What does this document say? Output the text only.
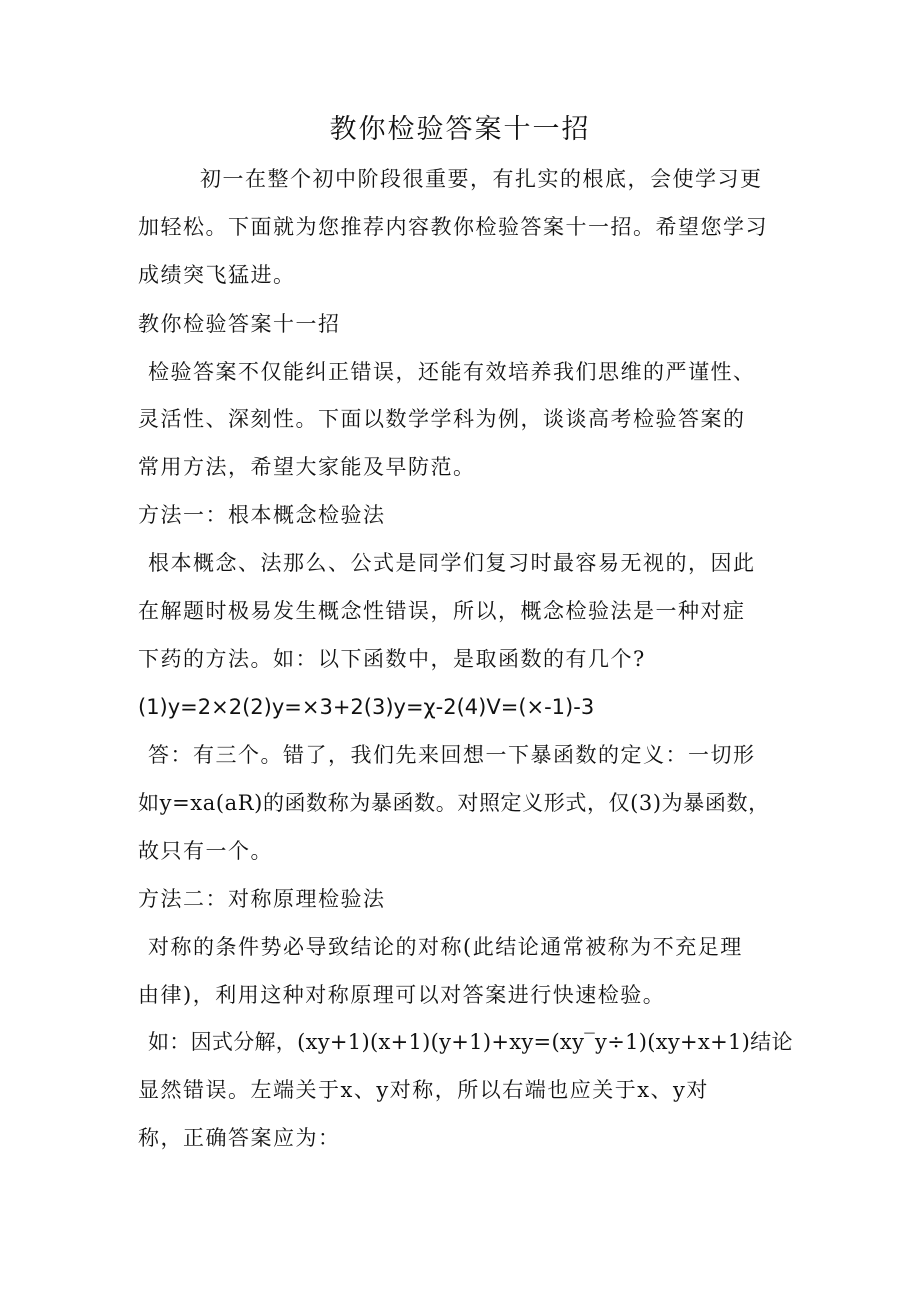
教你检验答案十一招
初一在整个初中阶段很重要，有扎实的根底，会使学习更
加轻松。下面就为您推荐内容教你检验答案十一招。希望您学习
成绩突飞猛进。
教你检验答案十一招
检验答案不仅能纠正错误，还能有效培养我们思维的严谨性、
灵活性、深刻性。下面以数学学科为例，谈谈高考检验答案的
常用方法，希望大家能及早防范。
方法一：根本概念检验法
根本概念、法那么、公式是同学们复习时最容易无视的，因此
在解题时极易发生概念性错误，所以，概念检验法是一种对症
下药的方法。如：以下函数中，是取函数的有几个?
(1)y=2×2(2)y=×3+2(3)y=χ-2(4)V=(×-1)-3
答：有三个。错了，我们先来回想一下暴函数的定义：一切形
如y=xa(aR)的函数称为暴函数。对照定义形式，仅(3)为暴函数，
故只有一个。
方法二：对称原理检验法
对称的条件势必导致结论的对称(此结论通常被称为不充足理
由律)，利用这种对称原理可以对答案进行快速检验。
如：因式分解，(xy+1)(x+1)(y+1)+xy=(xy‾y÷1)(xy+x+1)结论
显然错误。左端关于x、y对称，所以右端也应关于x、y对
称，正确答案应为：
